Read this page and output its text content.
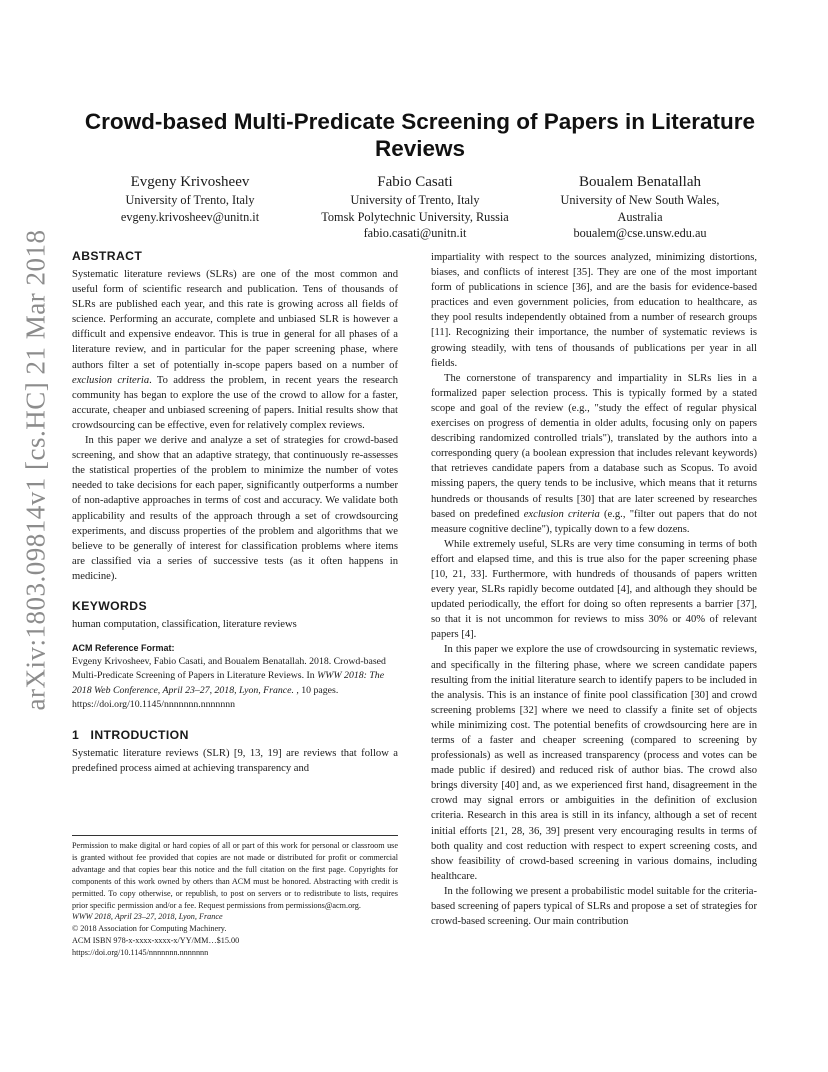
arXiv:1803.09814v1 [cs.HC] 21 Mar 2018
Crowd-based Multi-Predicate Screening of Papers in Literature Reviews
Evgeny Krivosheev
University of Trento, Italy
evgeny.krivosheev@unitn.it
Fabio Casati
University of Trento, Italy
Tomsk Polytechnic University, Russia
fabio.casati@unitn.it
Boualem Benatallah
University of New South Wales,
Australia
boualem@cse.unsw.edu.au
ABSTRACT

Systematic literature reviews (SLRs) are one of the most common and useful form of scientific research and publication. Tens of thousands of SLRs are published each year, and this rate is growing across all fields of science. Performing an accurate, complete and unbiased SLR is however a difficult and expensive endeavor. This is true in general for all phases of a literature review, and in particular for the paper screening phase, where authors filter a set of potentially in-scope papers based on a number of exclusion criteria. To address the problem, in recent years the research community has began to explore the use of the crowd to allow for a faster, accurate, cheaper and unbiased screening of papers. Initial results show that crowdsourcing can be effective, even for relatively complex reviews.

In this paper we derive and analyze a set of strategies for crowd-based screening, and show that an adaptive strategy, that continuously re-assesses the statistical properties of the problem to minimize the number of votes needed to take decisions for each paper, significantly outperforms a number of non-adaptive approaches in terms of cost and accuracy. We validate both applicability and results of the approach through a set of crowdsourcing experiments, and discuss properties of the problem and algorithms that we believe to be generally of interest for classification problems where items are classified via a series of successive tests (as it often happens in medicine).

KEYWORDS

human computation, classification, literature reviews

ACM Reference Format:

Evgeny Krivosheev, Fabio Casati, and Boualem Benatallah. 2018. Crowd-based Multi-Predicate Screening of Papers in Literature Reviews. In WWW 2018: The 2018 Web Conference, April 23–27, 2018, Lyon, France. , 10 pages. https://doi.org/10.1145/nnnnnnn.nnnnnnn

1   INTRODUCTION

Systematic literature reviews (SLR) [9, 13, 19] are reviews that follow a predefined process aimed at achieving transparency and

Permission to make digital or hard copies of all or part of this work for personal or classroom use is granted without fee provided that copies are not made or distributed for profit or commercial advantage and that copies bear this notice and the full citation on the first page. Copyrights for components of this work owned by others than ACM must be honored. Abstracting with credit is permitted. To copy otherwise, or republish, to post on servers or to redistribute to lists, requires prior specific permission and/or a fee. Request permissions from permissions@acm.org.

WWW 2018, April 23–27, 2018, Lyon, France

© 2018 Association for Computing Machinery.

ACM ISBN 978-x-xxxx-xxxx-x/YY/MM…$15.00

https://doi.org/10.1145/nnnnnnn.nnnnnnn

impartiality with respect to the sources analyzed, minimizing distortions, biases, and conflicts of interest [35]. They are one of the most important form of publications in science [36], and are the basis for evidence-based practices and even government policies, from education to healthcare, as they pool results independently obtained from a number of research groups [11]. Recognizing their importance, the number of systematic reviews is growing steadily, with tens of thousands of publications per year in all fields.

The cornerstone of transparency and impartiality in SLRs lies in a formalized paper selection process. This is typically formed by a stated scope and goal of the review (e.g., "study the effect of regular physical exercises on progress of dementia in older adults, focusing only on papers describing randomized controlled trials"), translated by the authors into a corresponding query (a boolean expression that includes relevant keywords) that retrieves candidate papers from a database such as Scopus. To avoid missing papers, the query tends to be inclusive, which means that it returns hundreds or thousands of results [30] that are later screened by researches based on predefined exclusion criteria (e.g., "filter out papers that do not measure cognitive decline"), typically down to a few dozens.

While extremely useful, SLRs are very time consuming in terms of both effort and elapsed time, and this is true also for the paper screening phase [10, 21, 33]. Furthermore, with hundreds of thousands of papers written every year, SLRs rapidly become outdated [4], and although they should be updated periodically, the effort for doing so often represents a barrier [37], so that it is not uncommon for reviews to miss 30% or 40% of relevant papers [4].

In this paper we explore the use of crowdsourcing in systematic reviews, and specifically in the filtering phase, where we screen candidate papers resulting from the initial literature search to identify papers to be included in the analysis. This is an instance of finite pool classification [30] and crowd screening problems [32] where we need to classify a finite set of objects while minimizing cost. The potential benefits of crowdsourcing here are in terms of a faster and cheaper screening (compared to screening by professionals) as well as increased transparency (process and votes can be made public if desired) and reduced risk of author bias. The crowd also brings diversity [40] and, as we experienced first hand, disagreement in the crowd may signal errors or ambiguities in the definition of exclusion criteria. Research in this area is still in its infancy, although a set of recent initial efforts [21, 28, 36, 39] present very encouraging results in terms of both quality and cost reduction with respect to expert screening costs, and show feasibility of crowd-based screening in various domains, including healthcare.

In the following we present a probabilistic model suitable for the criteria-based screening of papers typical of SLRs and propose a set of strategies for crowd-based screening. Our main contribution
